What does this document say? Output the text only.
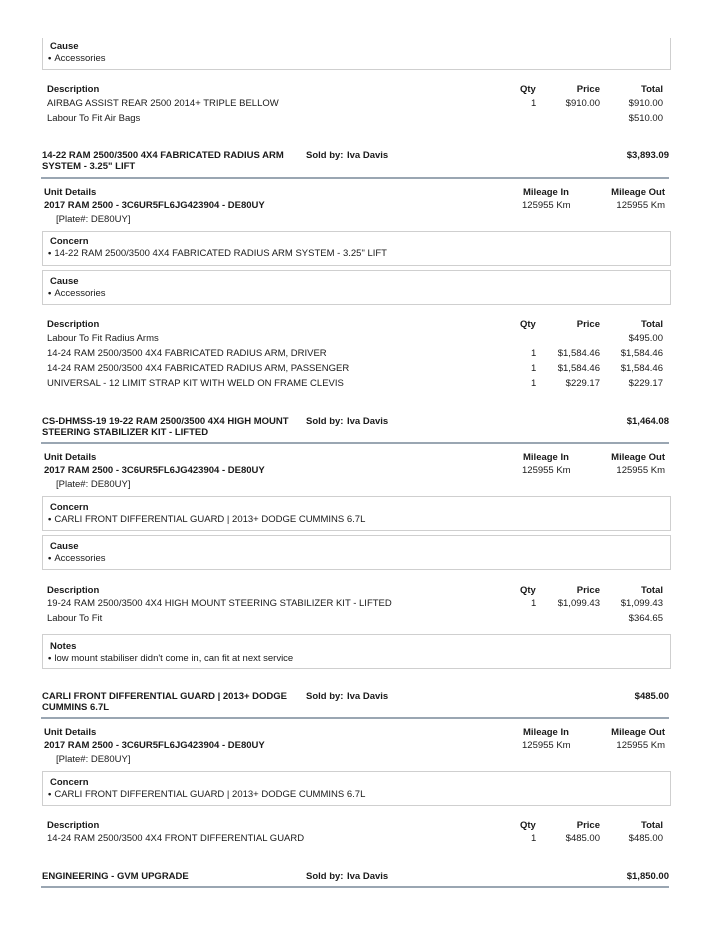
Cause
• Accessories
Description	Qty	Price	Total
AIRBAG ASSIST REAR 2500 2014+ TRIPLE BELLOW	1	$910.00	$910.00
Labour To Fit Air Bags	$510.00
14-22 RAM 2500/3500 4X4 FABRICATED RADIUS ARM
SYSTEM - 3.25" LIFT
Sold by: Iva Davis	$3,893.09
Unit Details
2017 RAM 2500 - 3C6UR5FL6JG423904 - DE80UY
[Plate#: DE80UY]
Mileage In
125955 Km
Mileage Out
125955 Km
Concern
• 14-22 RAM 2500/3500 4X4 FABRICATED RADIUS ARM SYSTEM - 3.25" LIFT
Cause
• Accessories
Description	Qty	Price	Total
Labour To Fit Radius Arms	$495.00
14-24 RAM 2500/3500 4X4 FABRICATED RADIUS ARM, DRIVER	1 $1,584.46 $1,584.46
14-24 RAM 2500/3500 4X4 FABRICATED RADIUS ARM, PASSENGER	1 $1,584.46 $1,584.46
UNIVERSAL - 12 LIMIT STRAP KIT WITH WELD ON FRAME CLEVIS	1	$229.17	$229.17
CS-DHMSS-19 19-22 RAM 2500/3500 4X4 HIGH MOUNT
STEERING STABILIZER KIT - LIFTED
Sold by: Iva Davis	$1,464.08
Unit Details
2017 RAM 2500 - 3C6UR5FL6JG423904 - DE80UY
[Plate#: DE80UY]
Mileage In
125955 Km
Mileage Out
125955 Km
Concern
• CARLI FRONT DIFFERENTIAL GUARD | 2013+ DODGE CUMMINS 6.7L
Cause
• Accessories
Description	Qty	Price	Total
19-24 RAM 2500/3500 4X4 HIGH MOUNT STEERING STABILIZER KIT - LIFTED	1 $1,099.43 $1,099.43
Labour To Fit	$364.65
Notes
• low mount stabiliser didn't come in, can fit at next service
CARLI FRONT DIFFERENTIAL GUARD | 2013+ DODGE
CUMMINS 6.7L
Sold by: Iva Davis	$485.00
Unit Details
2017 RAM 2500 - 3C6UR5FL6JG423904 - DE80UY
[Plate#: DE80UY]
Mileage In
125955 Km
Mileage Out
125955 Km
Concern
• CARLI FRONT DIFFERENTIAL GUARD | 2013+ DODGE CUMMINS 6.7L
Description	Qty	Price	Total
14-24 RAM 2500/3500 4X4 FRONT DIFFERENTIAL GUARD	1	$485.00	$485.00
ENGINEERING - GVM UPGRADE	Sold by: Iva Davis	$1,850.00
